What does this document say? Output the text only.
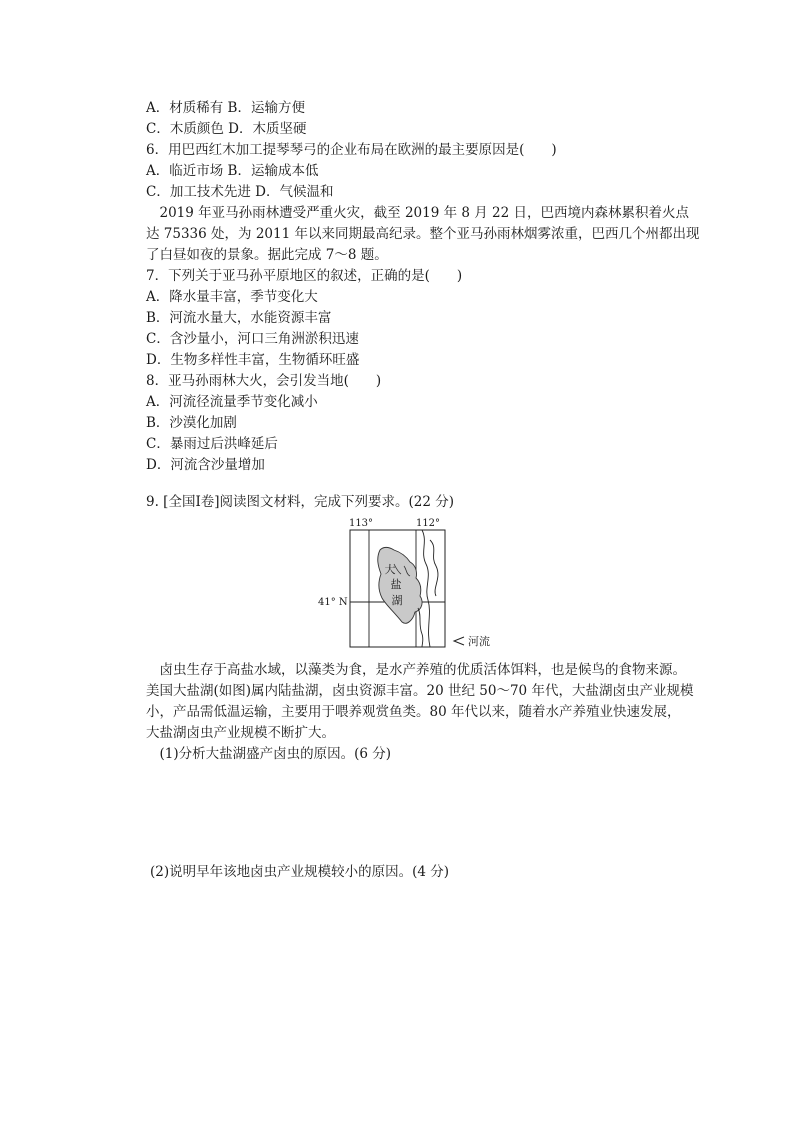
A．材质稀有 B．运输方便
C．木质颜色 D．木质坚硬
6．用巴西红木加工提琴琴弓的企业布局在欧洲的最主要原因是(　　)
A．临近市场 B．运输成本低
C．加工技术先进 D．气候温和
　2019 年亚马孙雨林遭受严重火灾，截至 2019 年 8 月 22 日，巴西境内森林累积着火点
达 75336 处，为 2011 年以来同期最高纪录。整个亚马孙雨林烟雾浓重，巴西几个州都出现
了白昼如夜的景象。据此完成 7～8 题。
7．下列关于亚马孙平原地区的叙述，正确的是(　　)
A．降水量丰富，季节变化大
B．河流水量大，水能资源丰富
C．含沙量小，河口三角洲淤积迅速
D．生物多样性丰富，生物循环旺盛
8．亚马孙雨林大火，会引发当地(　　)
A．河流径流量季节变化减小
B．沙漠化加剧
C．暴雨过后洪峰延后
D．河流含沙量增加
9. [全国Ⅰ卷]阅读图文材料，完成下列要求。(22 分)
113°	112°
41° N
大
盐
湖
河流
　卤虫生存于高盐水域，以藻类为食，是水产养殖的优质活体饵料，也是候鸟的食物来源。
美国大盐湖(如图)属内陆盐湖，卤虫资源丰富。20 世纪 50～70 年代，大盐湖卤虫产业规模
小，产品需低温运输，主要用于喂养观赏鱼类。80 年代以来，随着水产养殖业快速发展，
大盐湖卤虫产业规模不断扩大。
　(1)分析大盐湖盛产卤虫的原因。(6 分)
(2)说明早年该地卤虫产业规模较小的原因。(4 分)
